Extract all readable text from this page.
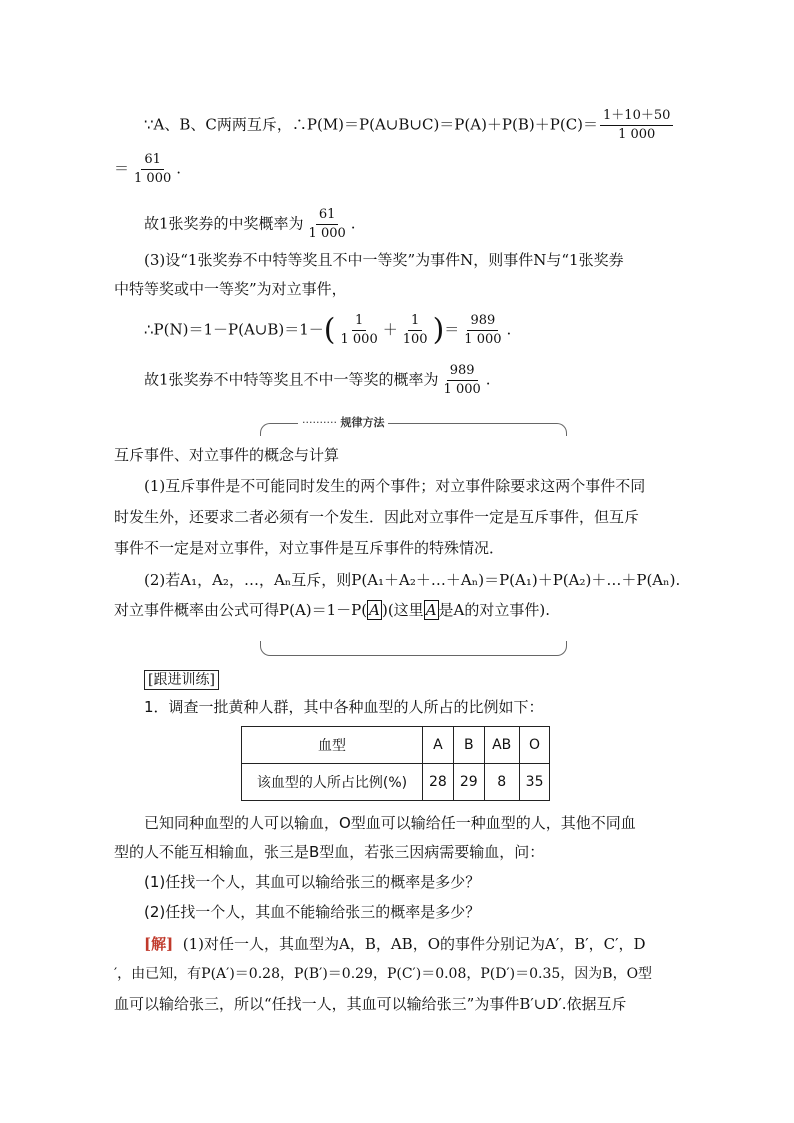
∵A、B、C两两互斥，∴P(M)＝P(A∪B∪C)＝P(A)＋P(B)＋P(C)＝ $\frac{1+10+50}{1 000}$
＝ $\frac{61}{1 000}$ .
故1张奖券的中奖概率为 $\frac{61}{1 000}$ .
(3)设“1张奖券不中特等奖且不中一等奖”为事件N，则事件N与“1张奖券
中特等奖或中一等奖”为对立事件，
∴P(N)＝1－P(A∪B)＝1－( $\frac{1}{1 000} + \frac{1}{100}$ )＝ $\frac{989}{1 000}$ .
故1张奖券不中特等奖且不中一等奖的概率为 $\frac{989}{1 000}$ .
·········· 规律方法
互斥事件、对立事件的概念与计算
(1)互斥事件是不可能同时发生的两个事件；对立事件除要求这两个事件不同
时发生外，还要求二者必须有一个发生．因此对立事件一定是互斥事件，但互斥
事件不一定是对立事件，对立事件是互斥事件的特殊情况．
(2)若A₁，A₂，…，Aₙ互斥，则P(A₁＋A₂＋…＋Aₙ)＝P(A₁)＋P(A₂)＋…＋P(Aₙ).
对立事件概率由公式可得P(A)＝1－P( A )(这里 A 是A的对立事件).
[跟进训练]
1．调查一批黄种人群，其中各种血型的人所占的比例如下：
血型	A	B	AB	O
该血型的人所占比例(%)	28	29	8	35
已知同种血型的人可以输血，O型血可以输给任一种血型的人，其他不同血
型的人不能互相输血，张三是B型血，若张三因病需要输血，问：
(1)任找一个人，其血可以输给张三的概率是多少？
(2)任找一个人，其血不能输给张三的概率是多少？
[解] (1)对任一人，其血型为A，B，AB，O的事件分别记为A′，B′，C′，D
′，由已知，有P(A′)＝0.28，P(B′)＝0.29，P(C′)＝0.08，P(D′)＝0.35，因为B，O型
血可以输给张三，所以“任找一人，其血可以输给张三”为事件B′∪D′.依据互斥
